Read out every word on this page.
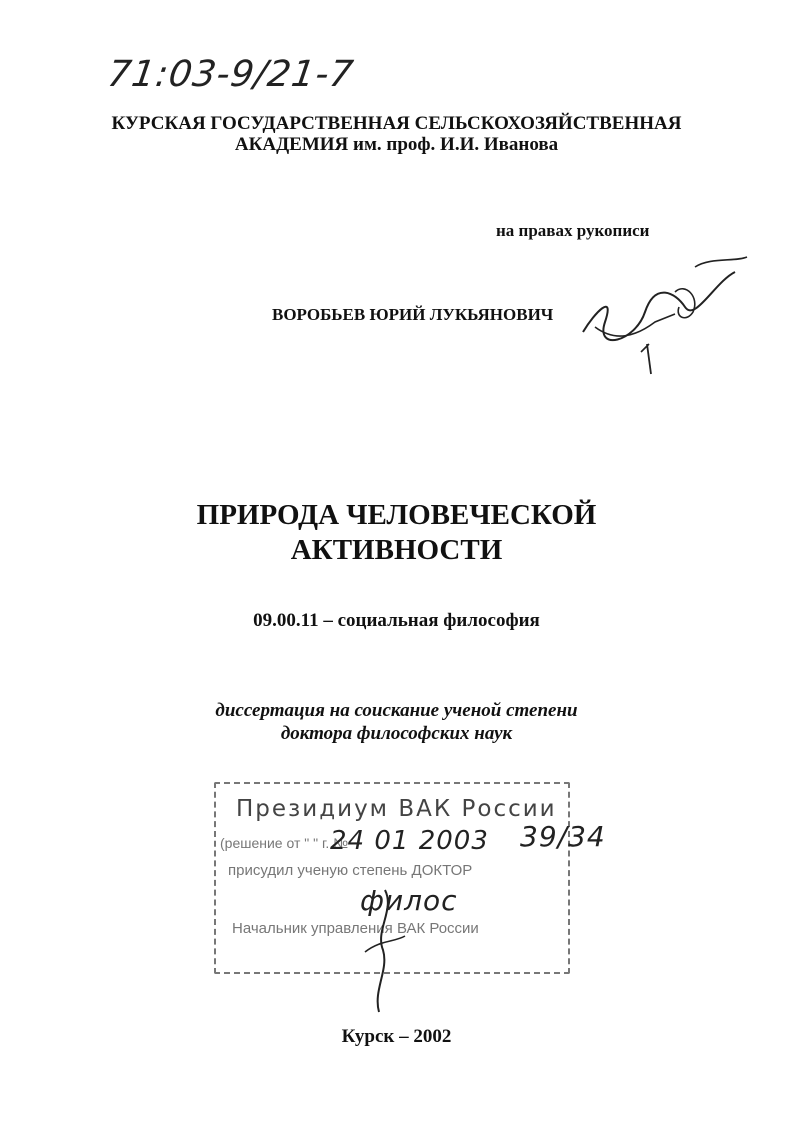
71:03-9/21-7
КУРСКАЯ ГОСУДАРСТВЕННАЯ СЕЛЬСКОХОЗЯЙСТВЕННАЯ
АКАДЕМИЯ им. проф. И.И. Иванова
на правах рукописи
ВОРОБЬЕВ ЮРИЙ ЛУКЬЯНОВИЧ
ПРИРОДА ЧЕЛОВЕЧЕСКОЙ
АКТИВНОСТИ
09.00.11 – социальная философия
диссертация на соискание ученой степени
доктора философских наук
Президиум ВАК России
(решение от " " г. №
присудил ученую степень ДОКТОР
Начальник управления ВАК России
24 01 2003 39/34
филос
Курск – 2002
